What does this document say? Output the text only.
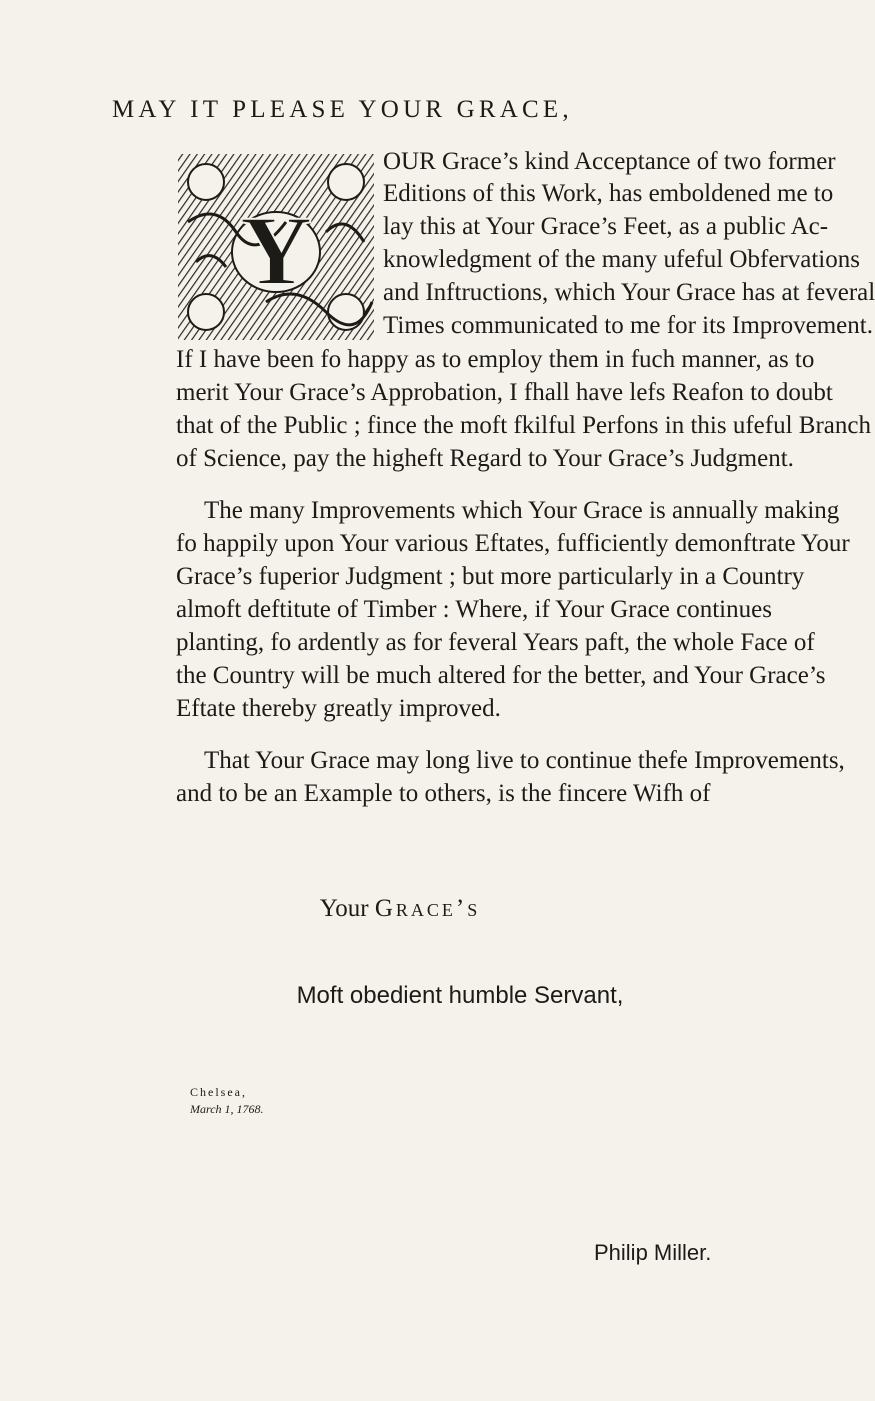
MAY IT PLEASE YOUR GRACE,
Y
OUR Grace’s kind Acceptance of two former
Editions of this Work, has emboldened me to
lay this at Your Grace’s Feet, as a public Ac-
knowledgment of the many ufeful Obfervations
and Inftructions, which Your Grace has at feveral
Times communicated to me for its Improvement.
If I have been fo happy as to employ them in fuch manner, as to
merit Your Grace’s Approbation, I fhall have lefs Reafon to doubt
that of the Public ; fince the moft fkilful Perfons in this ufeful Branch
of Science, pay the higheft Regard to Your Grace’s Judgment.
The many Improvements which Your Grace is annually making
fo happily upon Your various Eftates, fufficiently demonftrate Your
Grace’s fuperior Judgment ; but more particularly in a Country
almoft deftitute of Timber : Where, if Your Grace continues
planting, fo ardently as for feveral Years paft, the whole Face of
the Country will be much altered for the better, and Your Grace’s
Eftate thereby greatly improved.
That Your Grace may long live to continue thefe Improvements,
and to be an Example to others, is the fincere Wifh of
Your Grace’s
Moft obedient humble Servant,
Chelsea,
March 1, 1768.
Philip Miller.
